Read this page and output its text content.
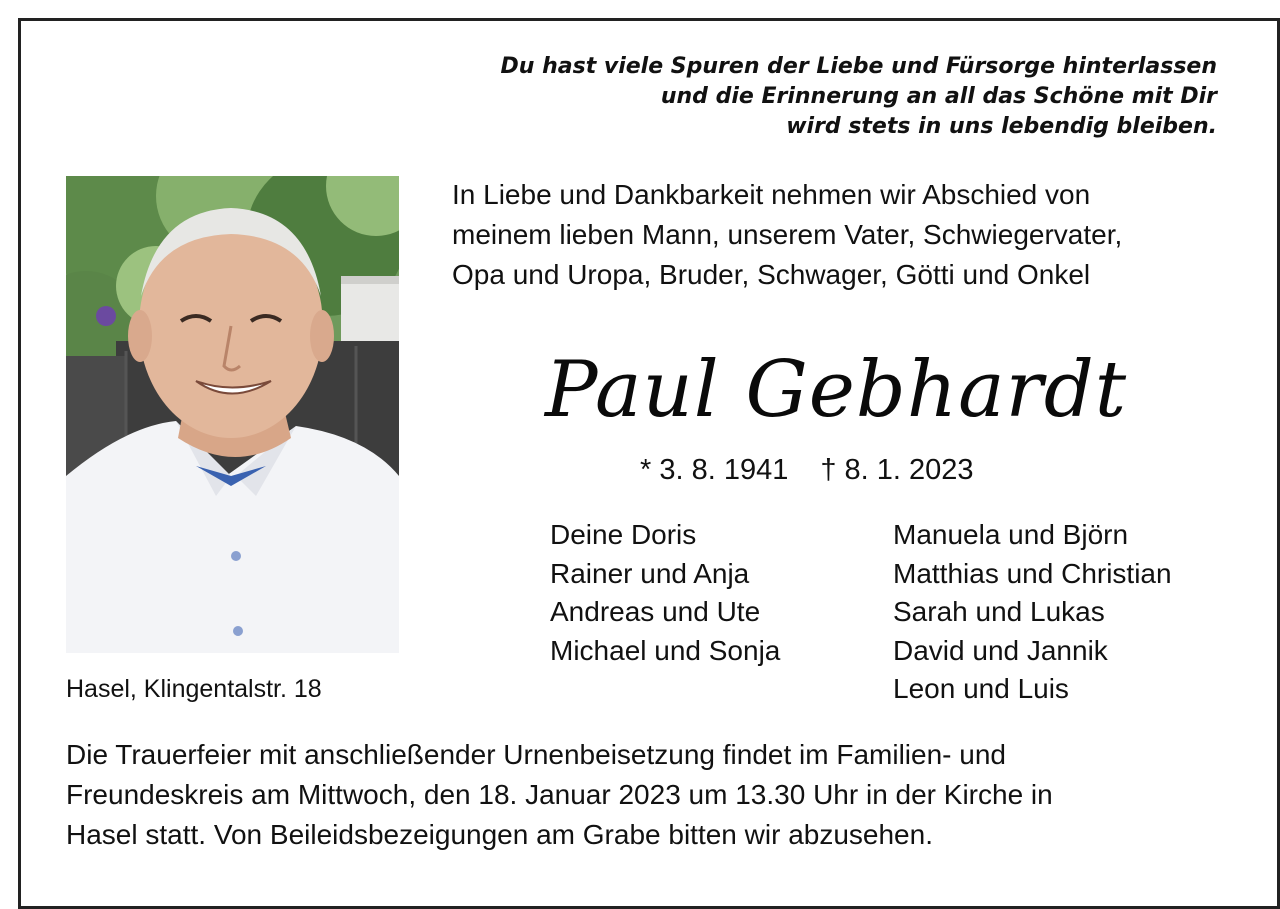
Du hast viele Spuren der Liebe und Fürsorge hinterlassen
und die Erinnerung an all das Schöne mit Dir
wird stets in uns lebendig bleiben.
In Liebe und Dankbarkeit nehmen wir Abschied von
meinem lieben Mann, unserem Vater, Schwiegervater,
Opa und Uropa, Bruder, Schwager, Götti und Onkel
Paul Gebhardt
* 3. 8. 1941 † 8. 1. 2023
Deine Doris
Rainer und Anja
Andreas und Ute
Michael und Sonja
Manuela und Björn
Matthias und Christian
Sarah und Lukas
David und Jannik
Leon und Luis
Hasel, Klingentalstr. 18
Die Trauerfeier mit anschließender Urnenbeisetzung findet im Familien- und
Freundeskreis am Mittwoch, den 18. Januar 2023 um 13.30 Uhr in der Kirche in
Hasel statt. Von Beileidsbezeigungen am Grabe bitten wir abzusehen.
